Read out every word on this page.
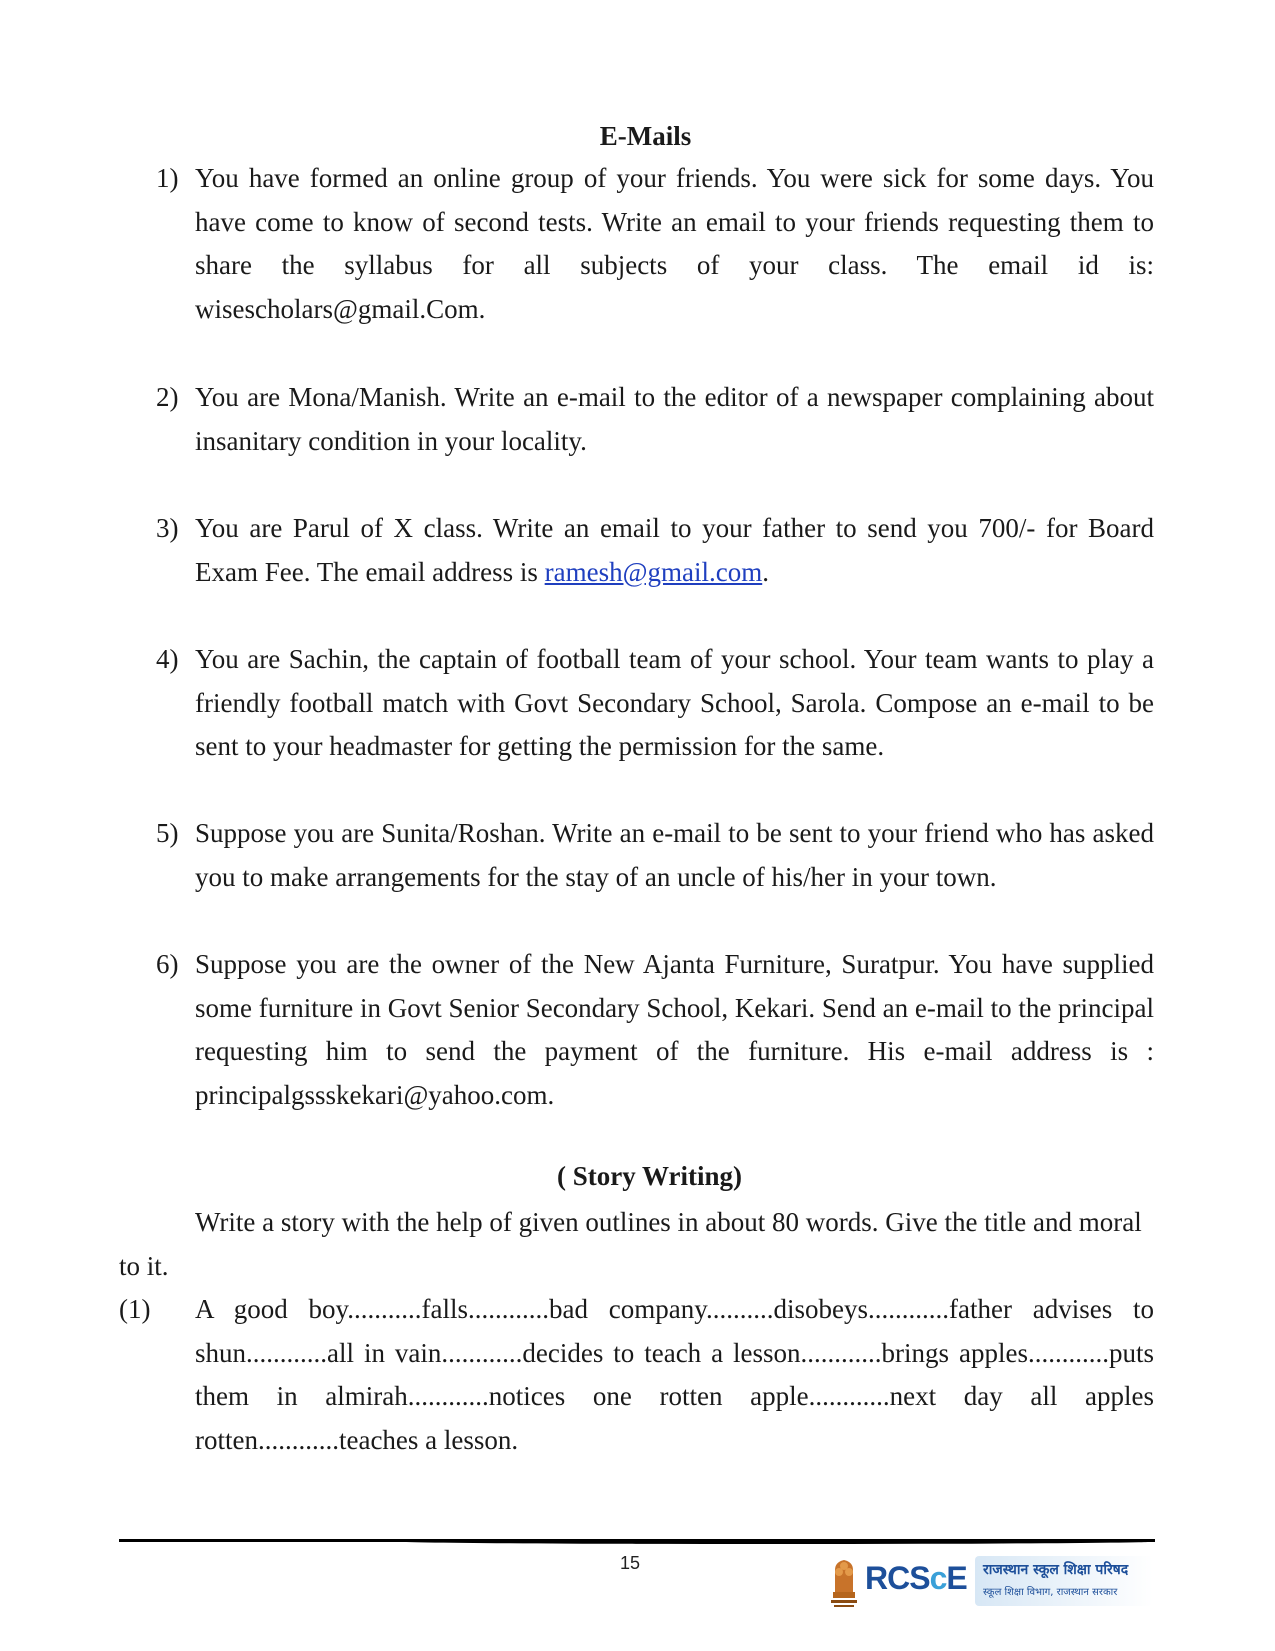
E-Mails
1) You have formed an online group of your friends. You were sick for some days. You have come to know of second tests. Write an email to your friends requesting them to share the syllabus for all subjects of your class. The email id is: wisescholars@gmail.Com.
2) You are Mona/Manish. Write an e-mail to the editor of a newspaper complaining about insanitary condition in your locality.
3) You are Parul of X class. Write an email to your father to send you 700/- for Board Exam Fee. The email address is ramesh@gmail.com.
4) You are Sachin, the captain of football team of your school. Your team wants to play a friendly football match with Govt Secondary School, Sarola. Compose an e-mail to be sent to your headmaster for getting the permission for the same.
5) Suppose you are Sunita/Roshan. Write an e-mail to be sent to your friend who has asked you to make arrangements for the stay of an uncle of his/her in your town.
6) Suppose you are the owner of the New Ajanta Furniture, Suratpur. You have supplied some furniture in Govt Senior Secondary School, Kekari. Send an e-mail to the principal requesting him to send the payment of the furniture. His e-mail address is : principalgssskekari@yahoo.com.
( Story Writing)
Write a story with the help of given outlines in about 80 words. Give the title and moral to it.
(1) A good boy...........falls............bad company..........disobeys............father advises to shun............all in vain............decides to teach a lesson............brings apples............puts them in almirah............notices one rotten apple............next day all apples rotten............teaches a lesson.
15	RCScE राजस्थान स्कूल शिक्षा परिषद
स्कूल शिक्षा विभाग, राजस्थान सरकार
